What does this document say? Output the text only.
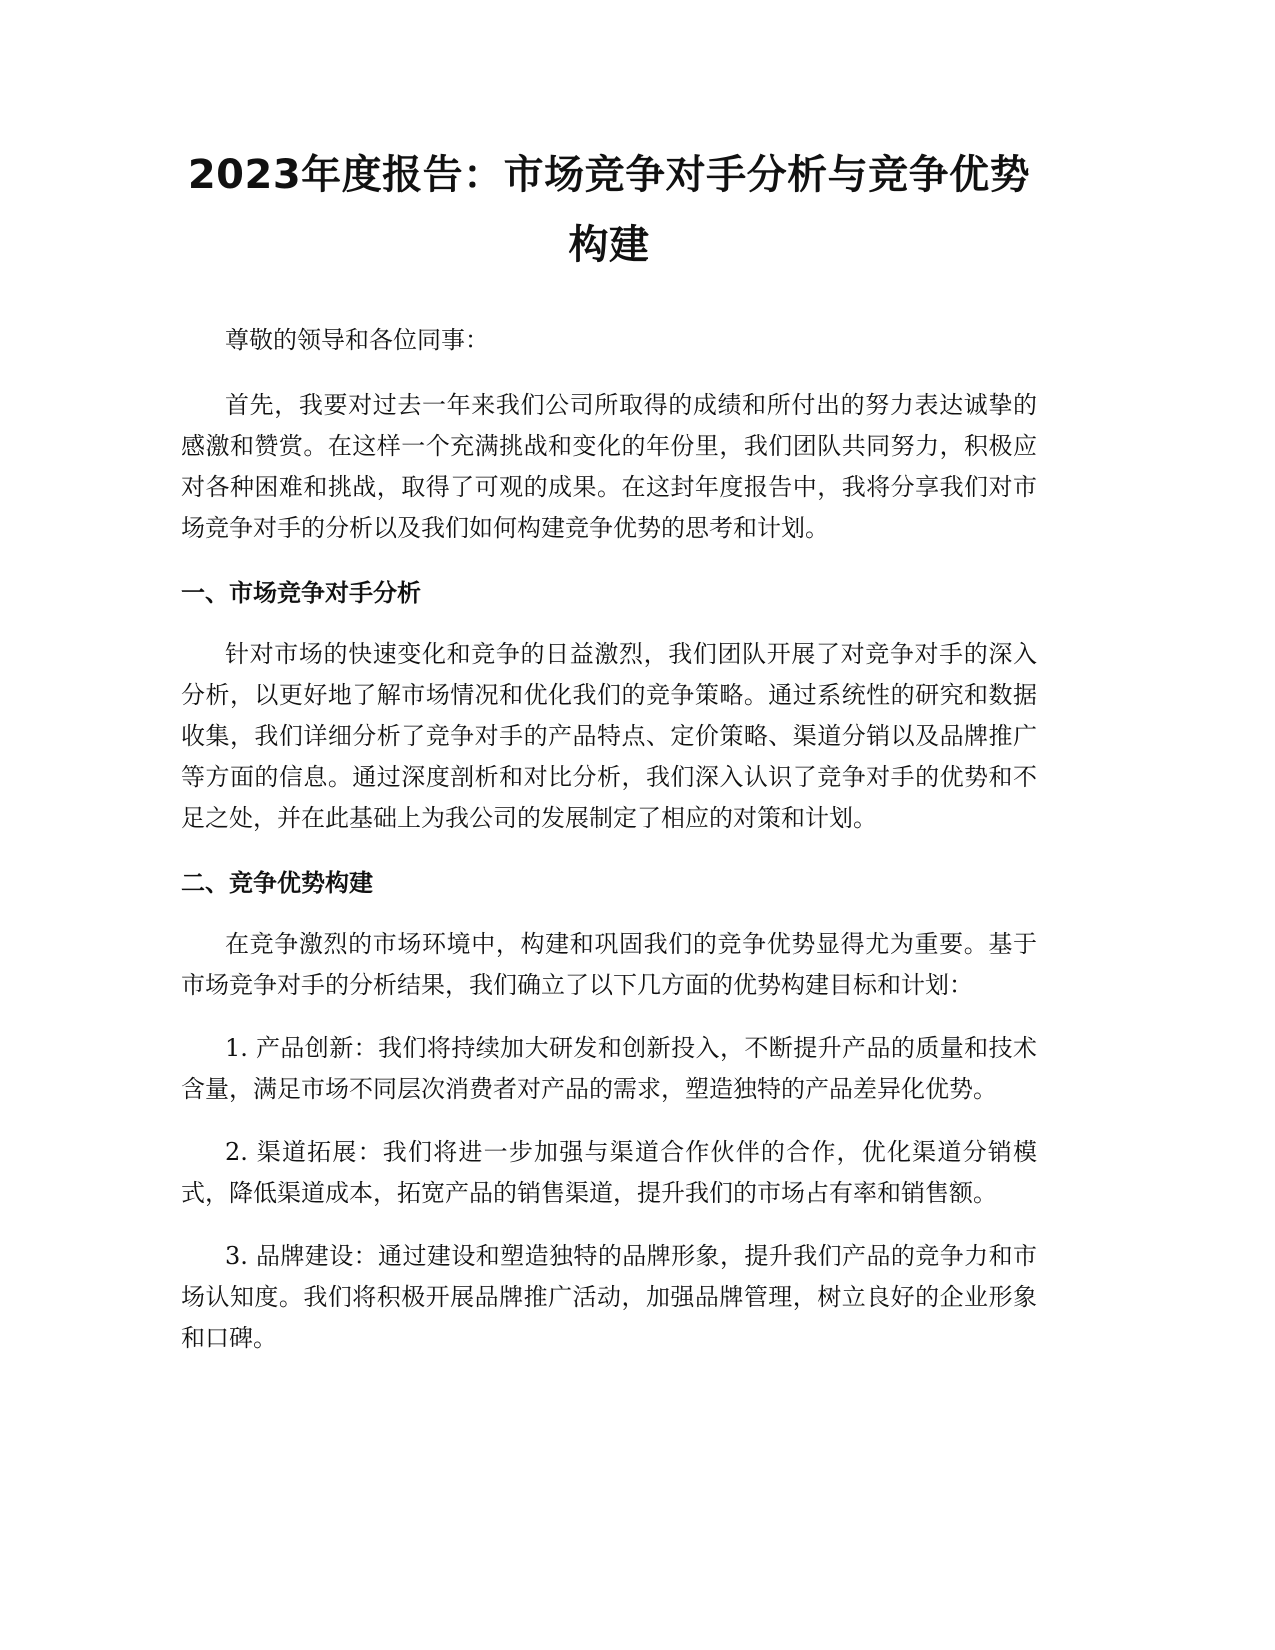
2023年度报告：市场竞争对手分析与竞争优势构建

尊敬的领导和各位同事：

首先，我要对过去一年来我们公司所取得的成绩和所付出的努力表达诚挚的感激和赞赏。在这样一个充满挑战和变化的年份里，我们团队共同努力，积极应对各种困难和挑战，取得了可观的成果。在这封年度报告中，我将分享我们对市场竞争对手的分析以及我们如何构建竞争优势的思考和计划。

一、市场竞争对手分析

针对市场的快速变化和竞争的日益激烈，我们团队开展了对竞争对手的深入分析，以更好地了解市场情况和优化我们的竞争策略。通过系统性的研究和数据收集，我们详细分析了竞争对手的产品特点、定价策略、渠道分销以及品牌推广等方面的信息。通过深度剖析和对比分析，我们深入认识了竞争对手的优势和不足之处，并在此基础上为我公司的发展制定了相应的对策和计划。

二、竞争优势构建

在竞争激烈的市场环境中，构建和巩固我们的竞争优势显得尤为重要。基于市场竞争对手的分析结果，我们确立了以下几方面的优势构建目标和计划：

1. 产品创新：我们将持续加大研发和创新投入，不断提升产品的质量和技术含量，满足市场不同层次消费者对产品的需求，塑造独特的产品差异化优势。

2. 渠道拓展：我们将进一步加强与渠道合作伙伴的合作，优化渠道分销模式，降低渠道成本，拓宽产品的销售渠道，提升我们的市场占有率和销售额。

3. 品牌建设：通过建设和塑造独特的品牌形象，提升我们产品的竞争力和市场认知度。我们将积极开展品牌推广活动，加强品牌管理，树立良好的企业形象和口碑。
